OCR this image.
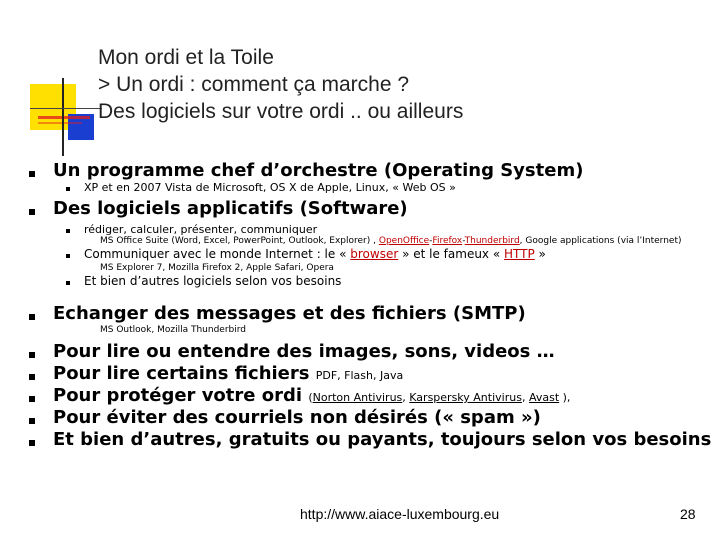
Mon ordi et la Toile
> Un ordi : comment ça marche ?
Des logiciels sur votre ordi .. ou ailleurs
Un programme chef d’orchestre (Operating System)
XP et en 2007 Vista de Microsoft, OS X de Apple, Linux, « Web OS »
Des logiciels applicatifs (Software)
rédiger, calculer, présenter, communiquer
MS Office Suite (Word, Excel, PowerPoint, Outlook, Explorer) , OpenOffice-Firefox-Thunderbird, Google applications (via l’Internet)
Communiquer avec le monde Internet : le « browser » et le fameux « HTTP »
MS Explorer 7, Mozilla Firefox 2, Apple Safari, Opera
Et bien d’autres logiciels selon vos besoins
Echanger des messages et des fichiers (SMTP)
MS Outlook, Mozilla Thunderbird
Pour lire ou entendre des images, sons, videos …
Pour lire certains fichiers PDF, Flash, Java
Pour protéger votre ordi (Norton Antivirus, Karspersky Antivirus, Avast ),
Pour éviter des courriels non désirés (« spam »)
Et bien d’autres, gratuits ou payants, toujours selon vos besoins
http://www.aiace-luxembourg.eu	28
